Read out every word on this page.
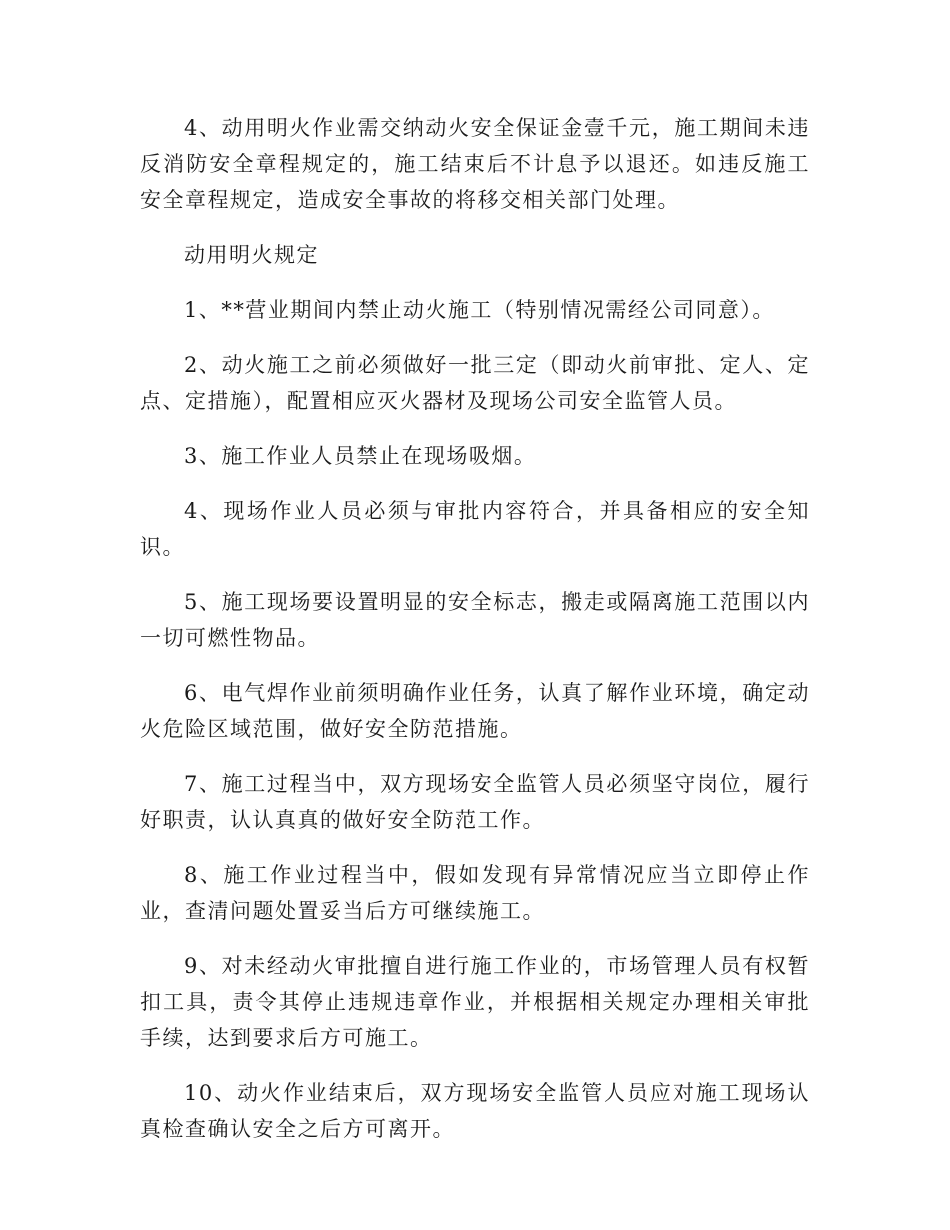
4、动用明火作业需交纳动火安全保证金壹千元，施工期间未违反消防安全章程规定的，施工结束后不计息予以退还。如违反施工安全章程规定，造成安全事故的将移交相关部门处理。

动用明火规定

1、**营业期间内禁止动火施工（特别情况需经公司同意）。

2、动火施工之前必须做好一批三定（即动火前审批、定人、定点、定措施），配置相应灭火器材及现场公司安全监管人员。

3、施工作业人员禁止在现场吸烟。

4、现场作业人员必须与审批内容符合，并具备相应的安全知识。

5、施工现场要设置明显的安全标志，搬走或隔离施工范围以内一切可燃性物品。

6、电气焊作业前须明确作业任务，认真了解作业环境，确定动火危险区域范围，做好安全防范措施。

7、施工过程当中，双方现场安全监管人员必须坚守岗位，履行好职责，认认真真的做好安全防范工作。

8、施工作业过程当中，假如发现有异常情况应当立即停止作业，查清问题处置妥当后方可继续施工。

9、对未经动火审批擅自进行施工作业的，市场管理人员有权暂扣工具，责令其停止违规违章作业，并根据相关规定办理相关审批手续，达到要求后方可施工。

10、动火作业结束后，双方现场安全监管人员应对施工现场认真检查确认安全之后方可离开。
